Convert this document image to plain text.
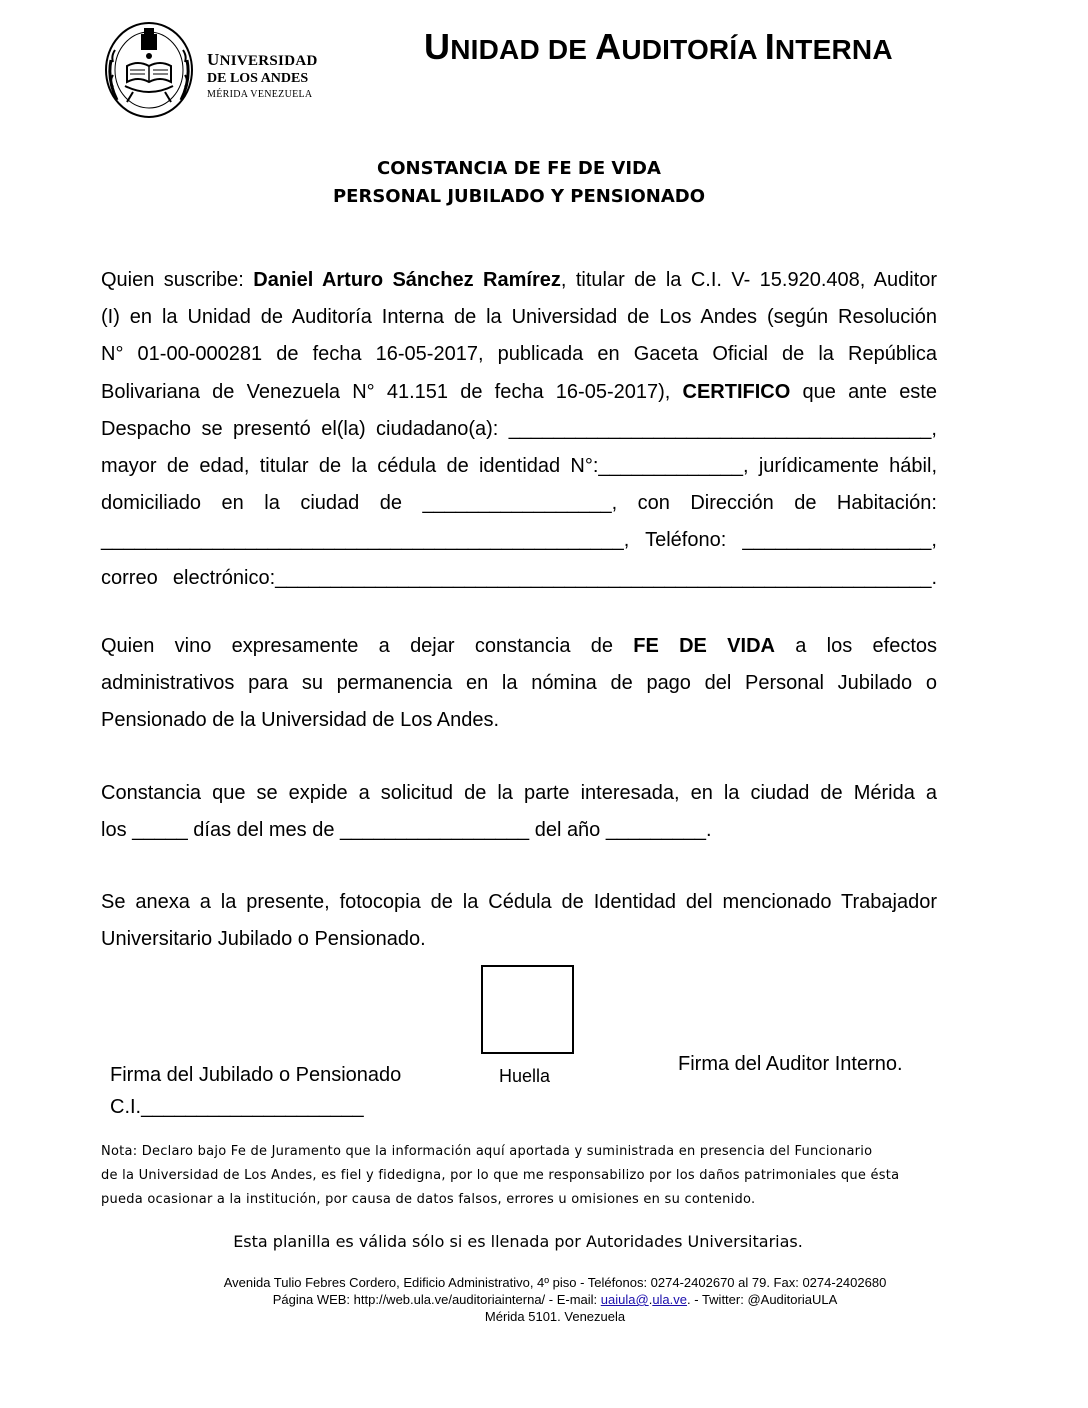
UNIVERSIDAD
DE LOS ANDES
MÉRIDA VENEZUELA
UNIDAD DE AUDITORÍA INTERNA
CONSTANCIA DE FE DE VIDA
PERSONAL JUBILADO Y PENSIONADO
Quien suscribe: Daniel Arturo Sánchez Ramírez, titular de la C.I. V- 15.920.408, Auditor
(I) en la Unidad de Auditoría Interna de la Universidad de Los Andes (según Resolución
N° 01-00-000281 de fecha 16-05-2017, publicada en Gaceta Oficial de la República
Bolivariana de Venezuela N° 41.151 de fecha 16-05-2017), CERTIFICO que ante este
Despacho se presentó el(la) ciudadano(a): ______________________________________,
mayor de edad, titular de la cédula de identidad N°:_____________, jurídicamente hábil,
domiciliado en la ciudad de _________________, con Dirección de Habitación:
_______________________________________________, Teléfono: _________________,
correo electrónico:___________________________________________________________.
Quien vino expresamente a dejar constancia de FE DE VIDA a los efectos
administrativos para su permanencia en la nómina de pago del Personal Jubilado o
Pensionado de la Universidad de Los Andes.
Constancia que se expide a solicitud de la parte interesada, en la ciudad de Mérida a
los _____ días del mes de _________________ del año _________.
Se anexa a la presente, fotocopia de la Cédula de Identidad del mencionado Trabajador
Universitario Jubilado o Pensionado.
Firma del Jubilado o Pensionado
C.I.____________________
Huella
Firma del Auditor Interno.
Nota: Declaro bajo Fe de Juramento que la información aquí aportada y suministrada en presencia del Funcionario
de la Universidad de Los Andes, es fiel y fidedigna, por lo que me responsabilizo por los daños patrimoniales que ésta
pueda ocasionar a la institución, por causa de datos falsos, errores u omisiones en su contenido.
Esta planilla es válida sólo si es llenada por Autoridades Universitarias.
Avenida Tulio Febres Cordero, Edificio Administrativo, 4º piso - Teléfonos: 0274-2402670 al 79. Fax: 0274-2402680
Página WEB: http://web.ula.ve/auditoriainterna/ - E-mail: uaiula@.ula.ve. - Twitter: @AuditoriaULA
Mérida 5101. Venezuela
